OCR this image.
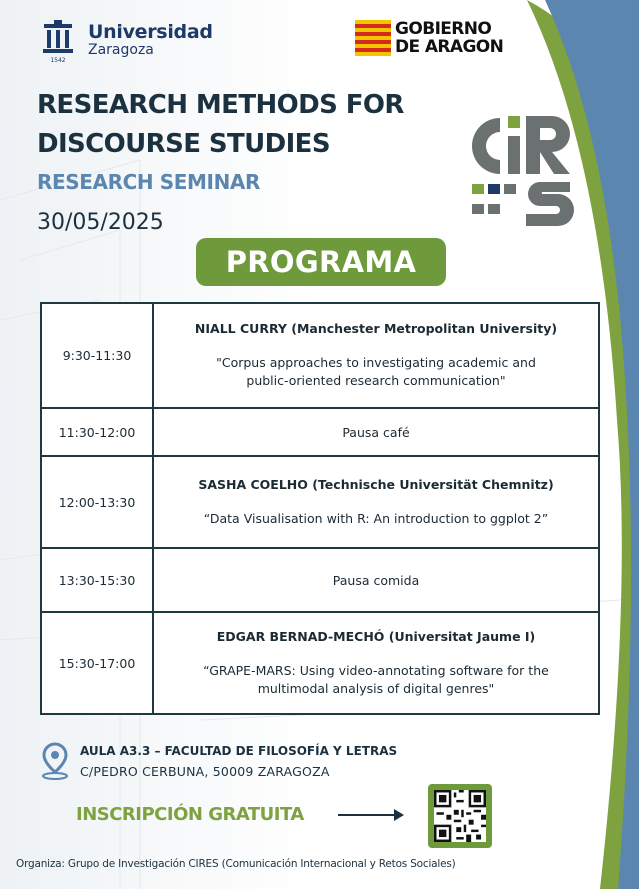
1542
Universidad
Zaragoza
GOBIERNO
DE ARAGON
RESEARCH METHODS FOR
DISCOURSE STUDIES
RESEARCH SEMINAR
30/05/2025
PROGRAMA
9:30-11:30	NIALL CURRY (Manchester Metropolitan University)
"Corpus approaches to investigating academic and
public-oriented research communication"

11:30-12:00	Pausa café
12:00-13:30	SASHA COELHO (Technische Universität Chemnitz)
“Data Visualisation with R: An introduction to ggplot 2”

13:30-15:30	Pausa comida
15:30-17:00	EDGAR BERNAD-MECHÓ (Universitat Jaume I)
“GRAPE-MARS: Using video-annotating software for the
multimodal analysis of digital genres"
AULA A3.3 – FACULTAD DE FILOSOFÍA Y LETRAS
C/PEDRO CERBUNA, 50009 ZARAGOZA
INSCRIPCIÓN GRATUITA
Organiza: Grupo de Investigación CIRES (Comunicación Internacional y Retos Sociales)
